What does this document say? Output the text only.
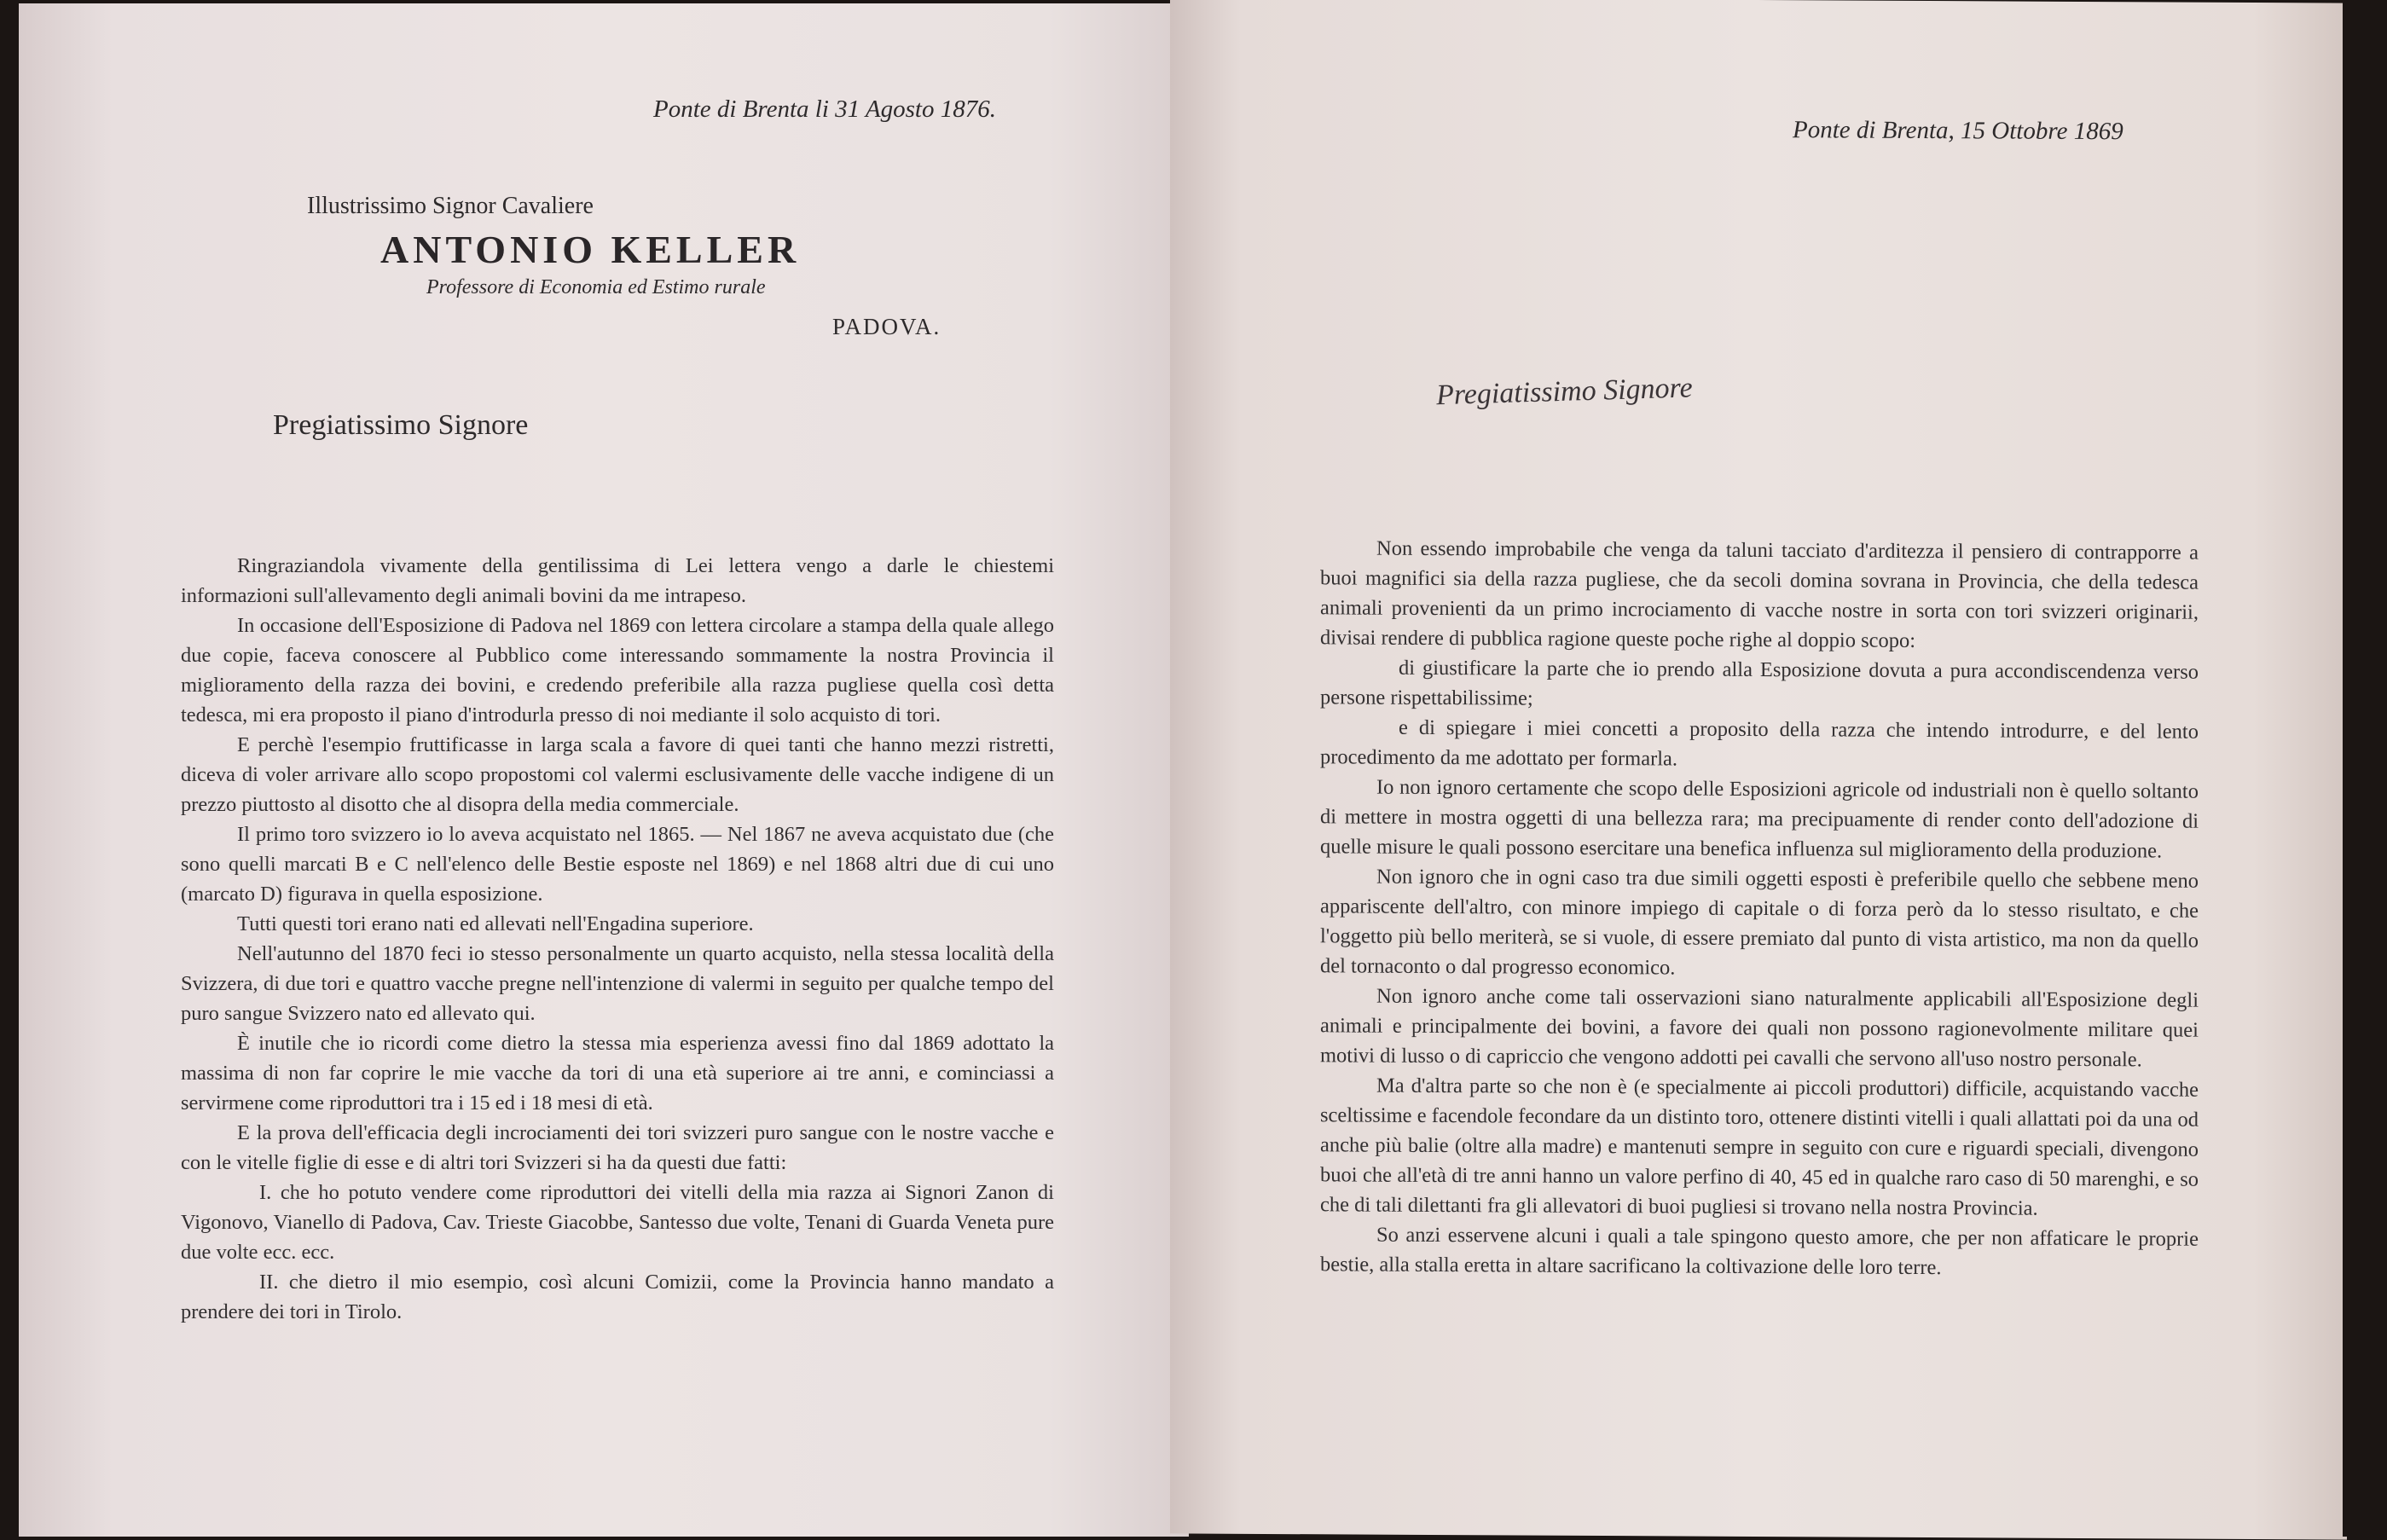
Ponte di Brenta li 31 Agosto 1876.
Illustrissimo Signor Cavaliere
ANTONIO KELLER
Professore di Economia ed Estimo rurale
PADOVA.
Pregiatissimo Signore

Ringraziandola vivamente della gentilissima di Lei lettera vengo a darle le chiestemi informazioni sull'allevamento degli animali bovini da me intrapeso.

In occasione dell'Esposizione di Padova nel 1869 con lettera circolare a stampa della quale allego due copie, faceva conoscere al Pubblico come interessando sommamente la nostra Provincia il miglioramento della razza dei bovini, e credendo preferibile alla razza pugliese quella così detta tedesca, mi era proposto il piano d'introdurla presso di noi mediante il solo acquisto di tori.

E perchè l'esempio fruttificasse in larga scala a favore di quei tanti che hanno mezzi ristretti, diceva di voler arrivare allo scopo propostomi col valermi esclusivamente delle vacche indigene di un prezzo piuttosto al disotto che al disopra della media commerciale.

Il primo toro svizzero io lo aveva acquistato nel 1865. — Nel 1867 ne aveva acquistato due (che sono quelli marcati B e C nell'elenco delle Bestie esposte nel 1869) e nel 1868 altri due di cui uno (marcato D) figurava in quella esposizione.

Tutti questi tori erano nati ed allevati nell'Engadina superiore.

Nell'autunno del 1870 feci io stesso personalmente un quarto acquisto, nella stessa località della Svizzera, di due tori e quattro vacche pregne nell'intenzione di valermi in seguito per qualche tempo del puro sangue Svizzero nato ed allevato qui.

È inutile che io ricordi come dietro la stessa mia esperienza avessi fino dal 1869 adottato la massima di non far coprire le mie vacche da tori di una età superiore ai tre anni, e cominciassi a servirmene come riproduttori tra i 15 ed i 18 mesi di età.

E la prova dell'efficacia degli incrociamenti dei tori svizzeri puro sangue con le nostre vacche e con le vitelle figlie di esse e di altri tori Svizzeri si ha da questi due fatti:

I. che ho potuto vendere come riproduttori dei vitelli della mia razza ai Signori Zanon di Vigonovo, Vianello di Padova, Cav. Trieste Giacobbe, Santesso due volte, Tenani di Guarda Veneta pure due volte ecc. ecc.

II. che dietro il mio esempio, così alcuni Comizii, come la Provincia hanno mandato a prendere dei tori in Tirolo.

Ponte di Brenta, 15 Ottobre 1869
Pregiatissimo Signore

Non essendo improbabile che venga da taluni tacciato d'arditezza il pensiero di contrapporre a buoi magnifici sia della razza pugliese, che da secoli domina sovrana in Provincia, che della tedesca animali provenienti da un primo incrociamento di vacche nostre in sorta con tori svizzeri originarii, divisai rendere di pubblica ragione queste poche righe al doppio scopo:

di giustificare la parte che io prendo alla Esposizione dovuta a pura accondiscendenza verso persone rispettabilissime;

e di spiegare i miei concetti a proposito della razza che intendo introdurre, e del lento procedimento da me adottato per formarla.

Io non ignoro certamente che scopo delle Esposizioni agricole od industriali non è quello soltanto di mettere in mostra oggetti di una bellezza rara; ma precipuamente di render conto dell'adozione di quelle misure le quali possono esercitare una benefica influenza sul miglioramento della produzione.

Non ignoro che in ogni caso tra due simili oggetti esposti è preferibile quello che sebbene meno appariscente dell'altro, con minore impiego di capitale o di forza però da lo stesso risultato, e che l'oggetto più bello meriterà, se si vuole, di essere premiato dal punto di vista artistico, ma non da quello del tornaconto o dal progresso economico.

Non ignoro anche come tali osservazioni siano naturalmente applicabili all'Esposizione degli animali e principalmente dei bovini, a favore dei quali non possono ragionevolmente militare quei motivi di lusso o di capriccio che vengono addotti pei cavalli che servono all'uso nostro personale.

Ma d'altra parte so che non è (e specialmente ai piccoli produttori) difficile, acquistando vacche sceltissime e facendole fecondare da un distinto toro, ottenere distinti vitelli i quali allattati poi da una od anche più balie (oltre alla madre) e mantenuti sempre in seguito con cure e riguardi speciali, divengono buoi che all'età di tre anni hanno un valore perfino di 40, 45 ed in qualche raro caso di 50 marenghi, e so che di tali dilettanti fra gli allevatori di buoi pugliesi si trovano nella nostra Provincia.

So anzi esservene alcuni i quali a tale spingono questo amore, che per non affaticare le proprie bestie, alla stalla eretta in altare sacrificano la coltivazione delle loro terre.
